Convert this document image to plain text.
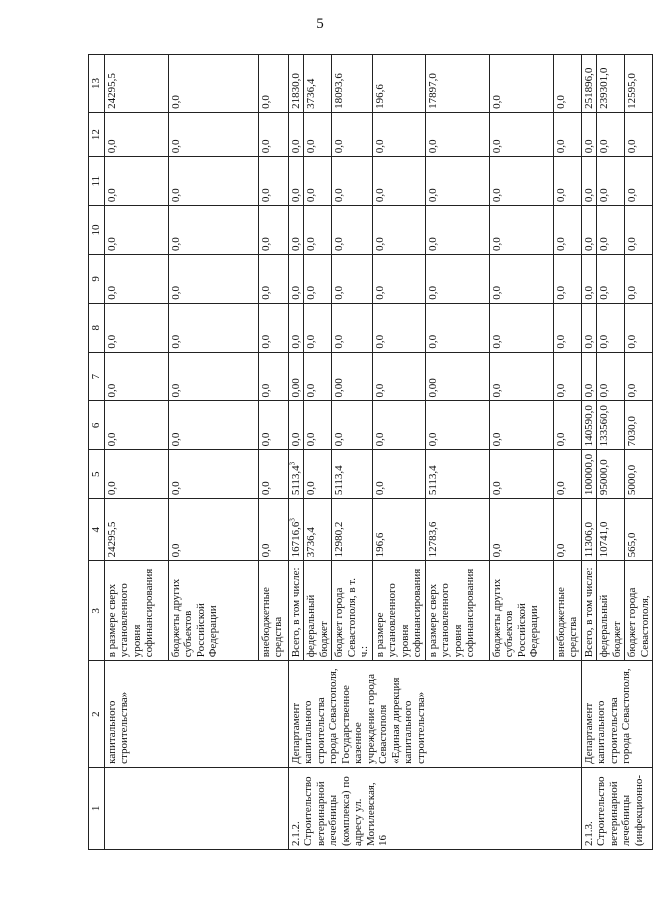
5
1	2	3	4	5	6	7	8	9	10	11	12	13
	капитального строительства»	в размере сверх установленного уровня софинансирования	24295,5	0,0	0,0	0,0	0,0	0,0	0,0	0,0	0,0	24295,5
		бюджеты других субъектов Российской Федерации	0,0	0,0	0,0	0,0	0,0	0,0	0,0	0,0	0,0	0,0
		внебюджетные средства	0,0	0,0	0,0	0,0	0,0	0,0	0,0	0,0	0,0	0,0
2.1.2. Строительство ветеринарной лечебницы (комплекса) по адресу ул. Могилевская, 16	Департамент капитального строительства города Севастополя, Государственное казенное учреждение города Севастополя «Единая дирекция капитального строительства»	Всего, в том числе:	16716,6$^3$	5113,4$^3$	0,0	0,00	0,0	0,0	0,0	0,0	0,0	21830,0
		федеральный бюджет	3736,4	0,0	0,0	0,0	0,0	0,0	0,0	0,0	0,0	3736,4
		бюджет города Севастополя, в т. ч.:	12980,2	5113,4	0,0	0,00	0,0	0,0	0,0	0,0	0,0	18093,6
		в размере установленного уровня софинансирования	196,6	0,0	0,0	0,0	0,0	0,0	0,0	0,0	0,0	196,6
		в размере сверх установленного уровня софинансирования	12783,6	5113,4	0,0	0,00	0,0	0,0	0,0	0,0	0,0	17897,0
		бюджеты других субъектов Российской Федерации	0,0	0,0	0,0	0,0	0,0	0,0	0,0	0,0	0,0	0,0
		внебюджетные средства	0,0	0,0	0,0	0,0	0,0	0,0	0,0	0,0	0,0	0,0
2.1.3. Строительство ветеринарной лечебницы (инфекционно-	Департамент капитального строительства города Севастополя,	Всего, в том числе:	11306,0	100000,0	140590,0	0,0	0,0	0,0	0,0	0,0	0,0	251896,0
		федеральный бюджет	10741,0	95000,0	133560,0	0,0	0,0	0,0	0,0	0,0	0,0	239301,0
		бюджет города Севастополя,	565,0	5000,0	7030,0	0,0	0,0	0,0	0,0	0,0	0,0	12595,0
